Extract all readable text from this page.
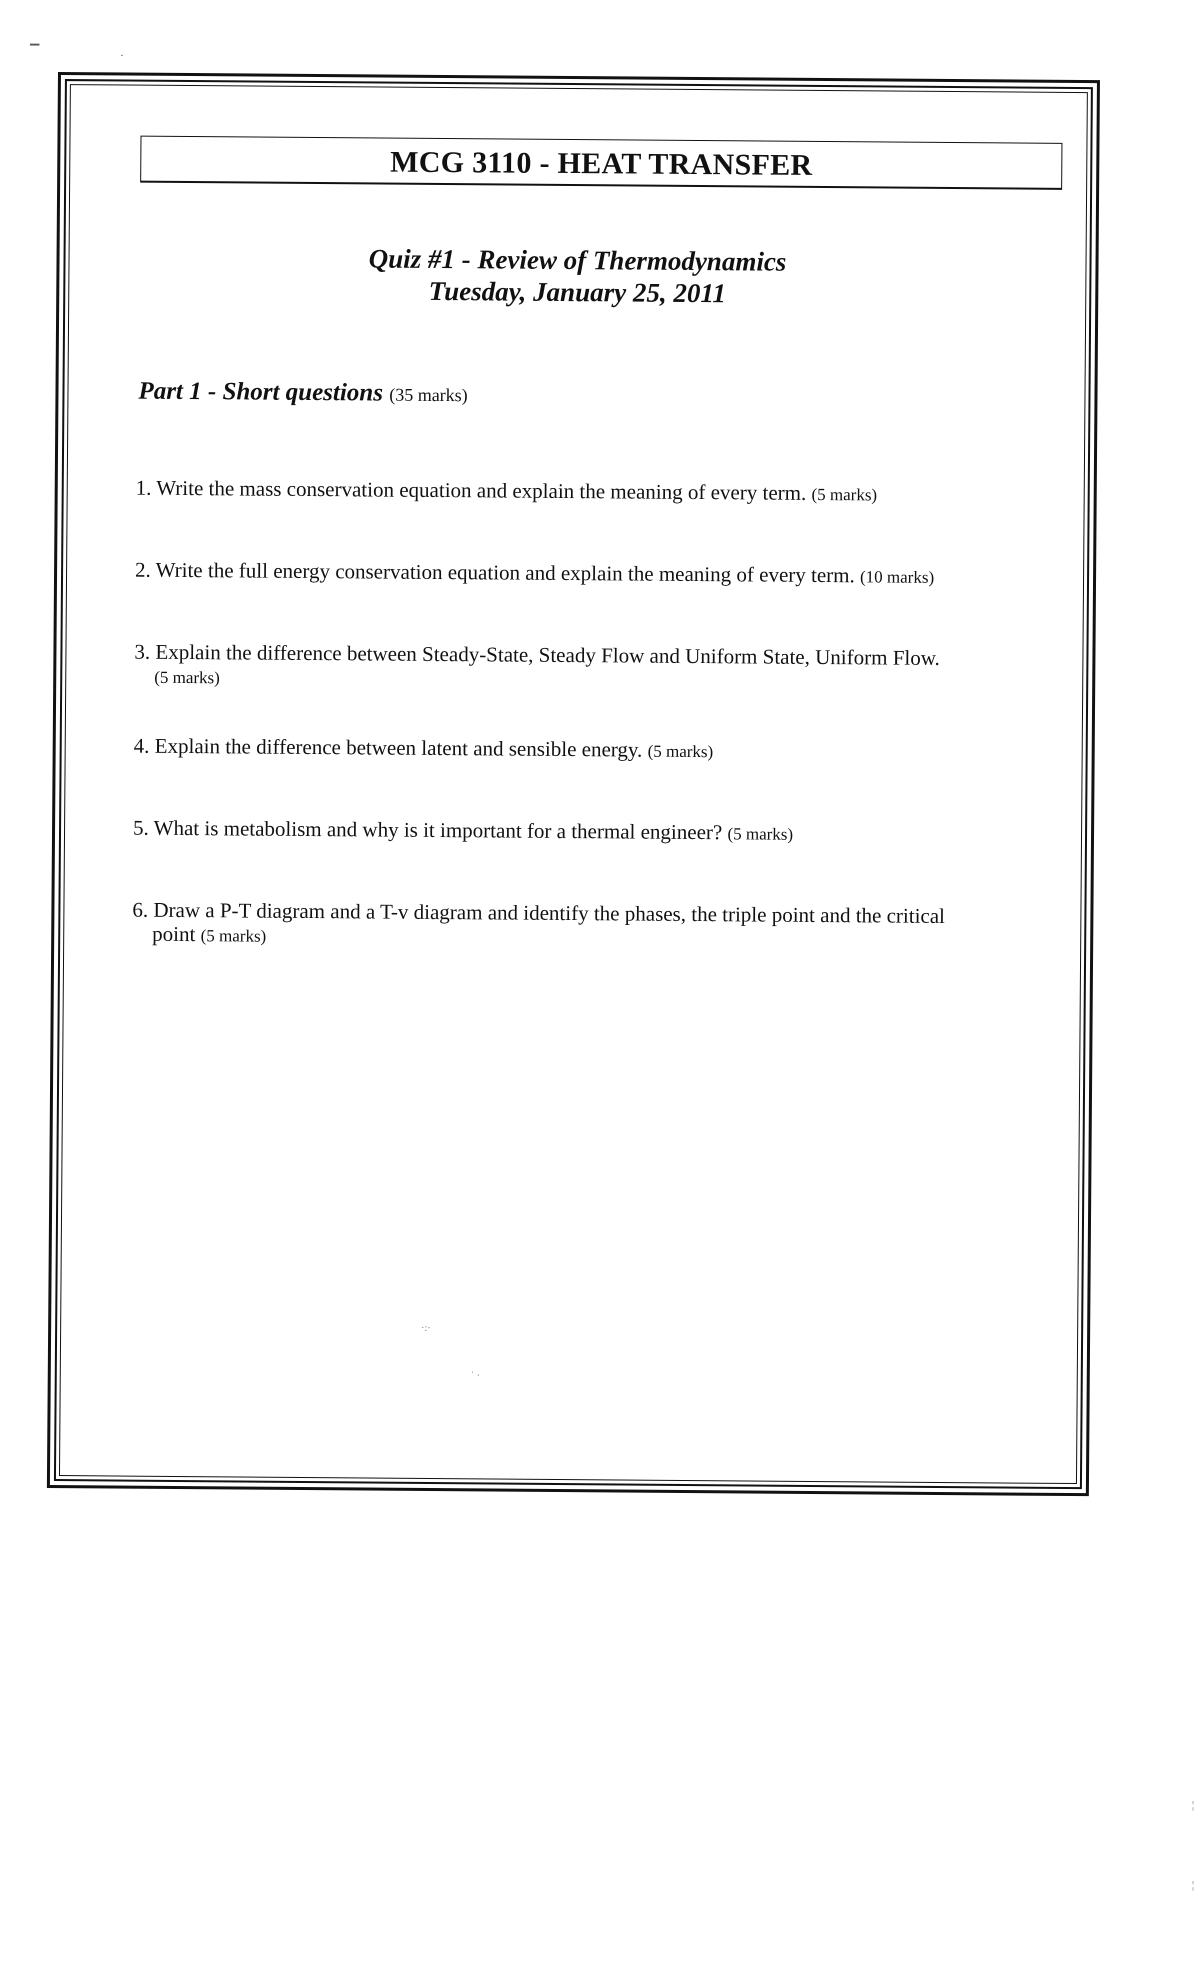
▔	·
MCG 3110 - HEAT TRANSFER
Quiz #1 - Review of Thermodynamics
Tuesday, January 25, 2011
Part 1 - Short questions (35 marks)
1. Write the mass conservation equation and explain the meaning of every term. (5 marks)
2. Write the full energy conservation equation and explain the meaning of every term. (10 marks)
3. Explain the difference between Steady-State, Steady Flow and Uniform State, Uniform Flow.
(5 marks)
4. Explain the difference between latent and sensible energy. (5 marks)
5. What is metabolism and why is it important for a thermal engineer? (5 marks)
6. Draw a P-T diagram and a T-v diagram and identify the phases, the triple point and the critical
point (5 marks)
·:·
˙ ·
¦
¦
